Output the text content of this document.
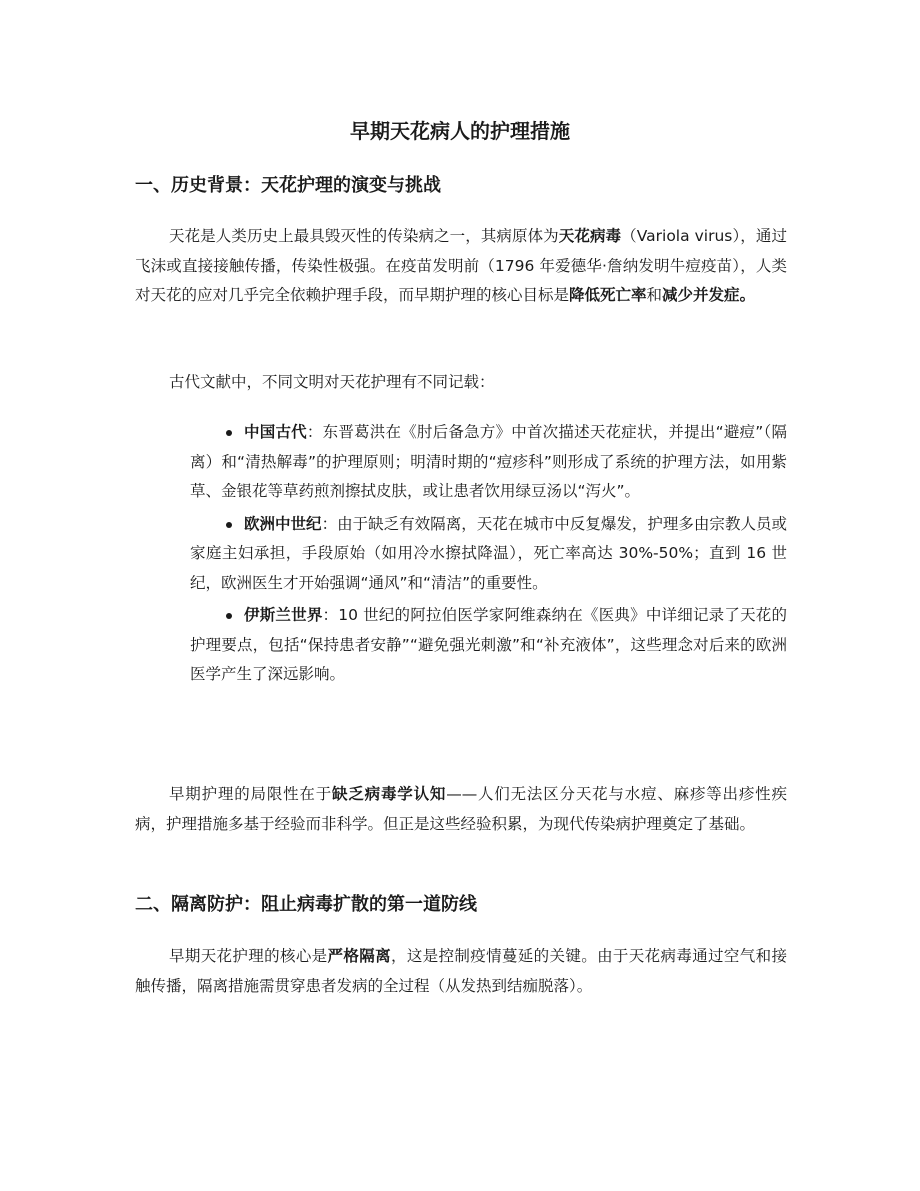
早期天花病人的护理措施
一、历史背景：天花护理的演变与挑战

天花是人类历史上最具毁灭性的传染病之一，其病原体为天花病毒（Variola virus），通过飞沫或直接接触传播，传染性极强。在疫苗发明前（1796 年爱德华·詹纳发明牛痘疫苗），人类对天花的应对几乎完全依赖护理手段，而早期护理的核心目标是降低死亡率和减少并发症。

古代文献中，不同文明对天花护理有不同记载：

中国古代：东晋葛洪在《肘后备急方》中首次描述天花症状，并提出“避痘”（隔离）和“清热解毒”的护理原则；明清时期的“痘疹科”则形成了系统的护理方法，如用紫草、金银花等草药煎剂擦拭皮肤，或让患者饮用绿豆汤以“泻火”。
欧洲中世纪：由于缺乏有效隔离，天花在城市中反复爆发，护理多由宗教人员或家庭主妇承担，手段原始（如用冷水擦拭降温），死亡率高达 30%-50%；直到 16 世纪，欧洲医生才开始强调“通风”和“清洁”的重要性。
伊斯兰世界：10 世纪的阿拉伯医学家阿维森纳在《医典》中详细记录了天花的护理要点，包括“保持患者安静”“避免强光刺激”和“补充液体”，这些理念对后来的欧洲医学产生了深远影响。

早期护理的局限性在于缺乏病毒学认知——人们无法区分天花与水痘、麻疹等出疹性疾病，护理措施多基于经验而非科学。但正是这些经验积累，为现代传染病护理奠定了基础。

二、隔离防护：阻止病毒扩散的第一道防线

早期天花护理的核心是严格隔离，这是控制疫情蔓延的关键。由于天花病毒通过空气和接触传播，隔离措施需贯穿患者发病的全过程（从发热到结痂脱落）。
